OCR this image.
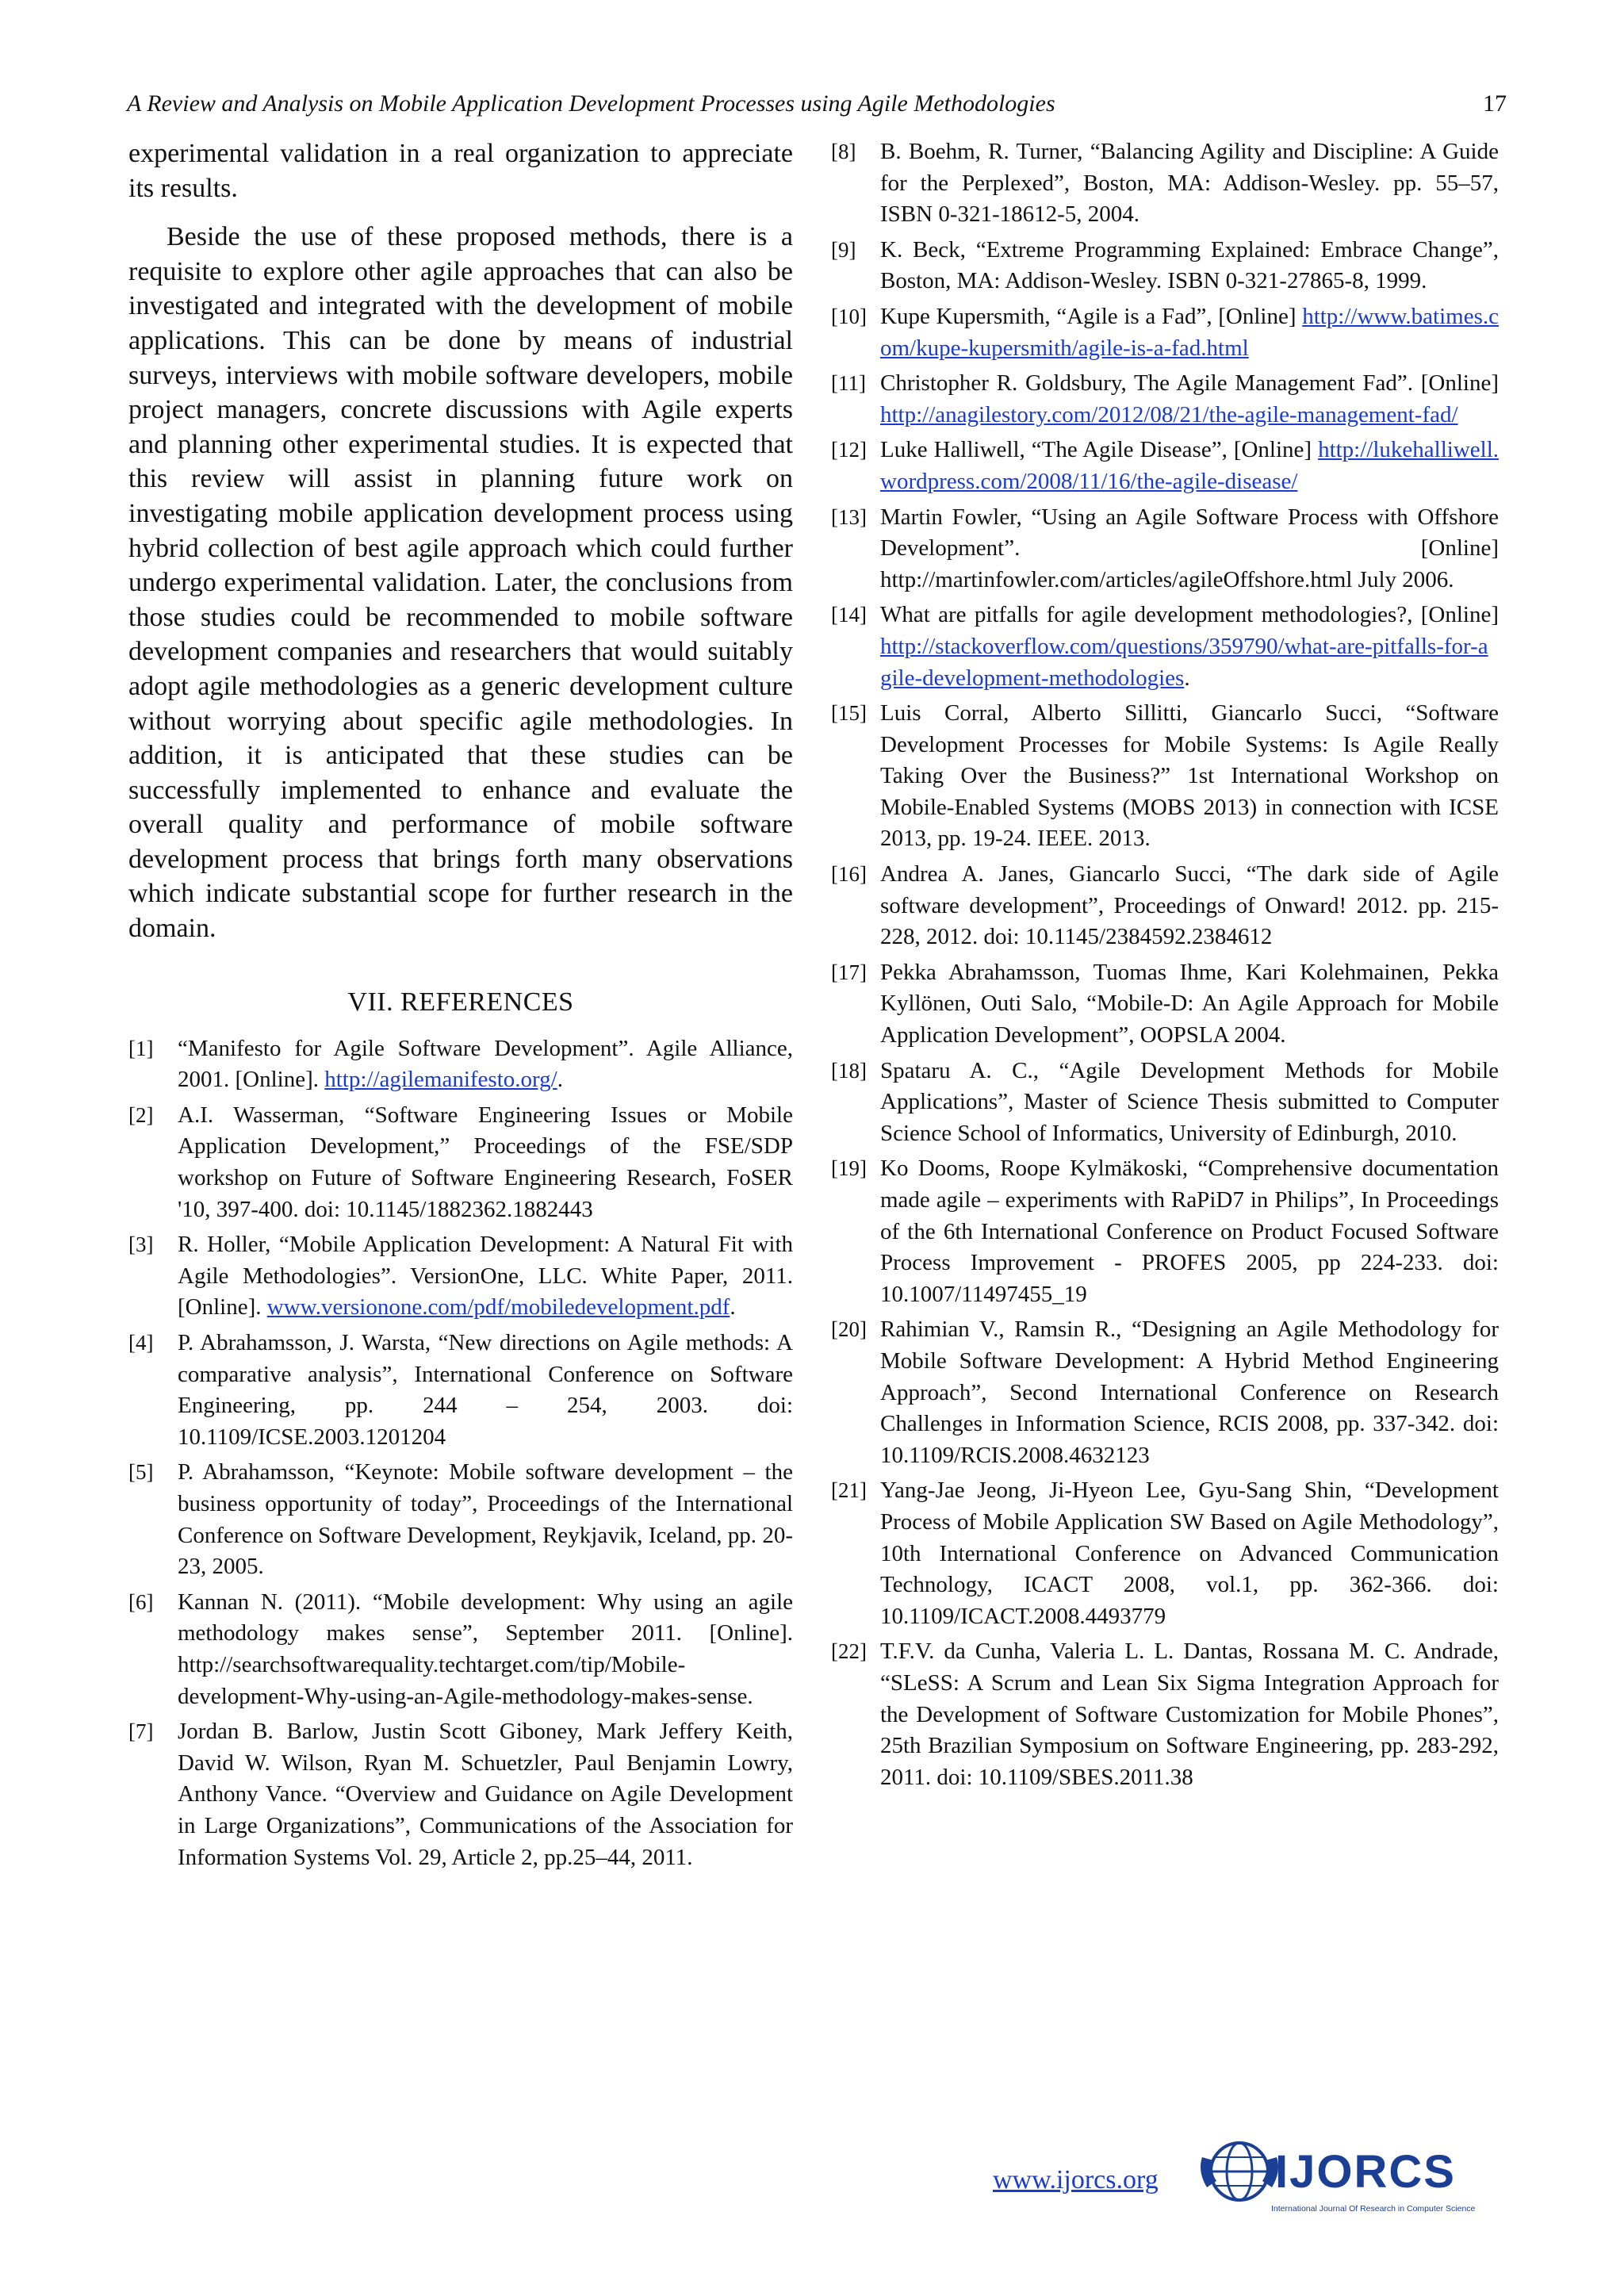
A Review and Analysis on Mobile Application Development Processes using Agile Methodologies	17

experimental validation in a real organization to appreciate its results.

Beside the use of these proposed methods, there is a requisite to explore other agile approaches that can also be investigated and integrated with the development of mobile applications. This can be done by means of industrial surveys, interviews with mobile software developers, mobile project managers, concrete discussions with Agile experts and planning other experimental studies. It is expected that this review will assist in planning future work on investigating mobile application development process using hybrid collection of best agile approach which could further undergo experimental validation. Later, the conclusions from those studies could be recommended to mobile software development companies and researchers that would suitably adopt agile methodologies as a generic development culture without worrying about specific agile methodologies. In addition, it is anticipated that these studies can be successfully implemented to enhance and evaluate the overall quality and performance of mobile software development process that brings forth many observations which indicate substantial scope for further research in the domain.

VII. REFERENCES
[1]	“Manifesto for Agile Software Development”. Agile Alliance, 2001. [Online]. http://agilemanifesto.org/.
[2]	A.I. Wasserman, “Software Engineering Issues or Mobile Application Development,” Proceedings of the FSE/SDP workshop on Future of Software Engineering Research, FoSER '10, 397-400. doi: 10.1145/1882362.1882443
[3]	R. Holler, “Mobile Application Development: A Natural Fit with Agile Methodologies”. VersionOne, LLC. White Paper, 2011. [Online]. www.versionone.com/pdf/mobiledevelopment.pdf.
[4]	P. Abrahamsson, J. Warsta, “New directions on Agile methods: A comparative analysis”, International Conference on Software Engineering, pp. 244 – 254, 2003. doi: 10.1109/ICSE.2003.1201204
[5]	P. Abrahamsson, “Keynote: Mobile software development – the business opportunity of today”, Proceedings of the International Conference on Software Development, Reykjavik, Iceland, pp. 20-23, 2005.
[6]	Kannan N. (2011). “Mobile development: Why using an agile methodology makes sense”, September 2011. [Online]. http://searchsoftwarequality.techtarget.com/tip/Mobile-development-Why-using-an-Agile-methodology-makes-sense.
[7]	Jordan B. Barlow, Justin Scott Giboney, Mark Jeffery Keith, David W. Wilson, Ryan M. Schuetzler, Paul Benjamin Lowry, Anthony Vance. “Overview and Guidance on Agile Development in Large Organizations”, Communications of the Association for Information Systems Vol. 29, Article 2, pp.25–44, 2011.
[8]	B. Boehm, R. Turner, “Balancing Agility and Discipline: A Guide for the Perplexed”, Boston, MA: Addison-Wesley. pp. 55–57, ISBN 0-321-18612-5, 2004.
[9]	K. Beck, “Extreme Programming Explained: Embrace Change”, Boston, MA: Addison-Wesley. ISBN 0-321-27865-8, 1999.
[10] Kupe Kupersmith, “Agile is a Fad”, [Online] http://www.batimes.com/kupe-kupersmith/agile-is-a-fad.html
[11] Christopher R. Goldsbury, The Agile Management Fad”. [Online] http://anagilestory.com/2012/08/21/the-agile-management-fad/
[12] Luke Halliwell, “The Agile Disease”, [Online] http://lukehalliwell.wordpress.com/2008/11/16/the-agile-disease/
[13] Martin Fowler, “Using an Agile Software Process with Offshore Development”. [Online] http://martinfowler.com/articles/agileOffshore.html July 2006.
[14] What are pitfalls for agile development methodologies?, [Online] http://stackoverflow.com/questions/359790/what-are-pitfalls-for-agile-development-methodologies.
[15] Luis Corral, Alberto Sillitti, Giancarlo Succi, “Software Development Processes for Mobile Systems: Is Agile Really Taking Over the Business?” 1st International Workshop on Mobile-Enabled Systems (MOBS 2013) in connection with ICSE 2013, pp. 19-24. IEEE. 2013.
[16] Andrea A. Janes, Giancarlo Succi, “The dark side of Agile software development”, Proceedings of Onward! 2012. pp. 215-228, 2012. doi: 10.1145/2384592.2384612
[17] Pekka Abrahamsson, Tuomas Ihme, Kari Kolehmainen, Pekka Kyllönen, Outi Salo, “Mobile-D: An Agile Approach for Mobile Application Development”, OOPSLA 2004.
[18] Spataru A. C., “Agile Development Methods for Mobile Applications”, Master of Science Thesis submitted to Computer Science School of Informatics, University of Edinburgh, 2010.
[19] Ko Dooms, Roope Kylmäkoski, “Comprehensive documentation made agile – experiments with RaPiD7 in Philips”, In Proceedings of the 6th International Conference on Product Focused Software Process Improvement - PROFES 2005, pp 224-233. doi: 10.1007/11497455_19
[20] Rahimian V., Ramsin R., “Designing an Agile Methodology for Mobile Software Development: A Hybrid Method Engineering Approach”, Second International Conference on Research Challenges in Information Science, RCIS 2008, pp. 337-342. doi: 10.1109/RCIS.2008.4632123
[21] Yang-Jae Jeong, Ji-Hyeon Lee, Gyu-Sang Shin, “Development Process of Mobile Application SW Based on Agile Methodology”, 10th International Conference on Advanced Communication Technology, ICACT 2008, vol.1, pp. 362-366. doi: 10.1109/ICACT.2008.4493779
[22] T.F.V. da Cunha, Valeria L. L. Dantas, Rossana M. C. Andrade, “SLeSS: A Scrum and Lean Six Sigma Integration Approach for the Development of Software Customization for Mobile Phones”, 25th Brazilian Symposium on Software Engineering, pp. 283-292, 2011. doi: 10.1109/SBES.2011.38
www.ijorcs.org	IJORCS
International Journal Of Research in Computer Science
